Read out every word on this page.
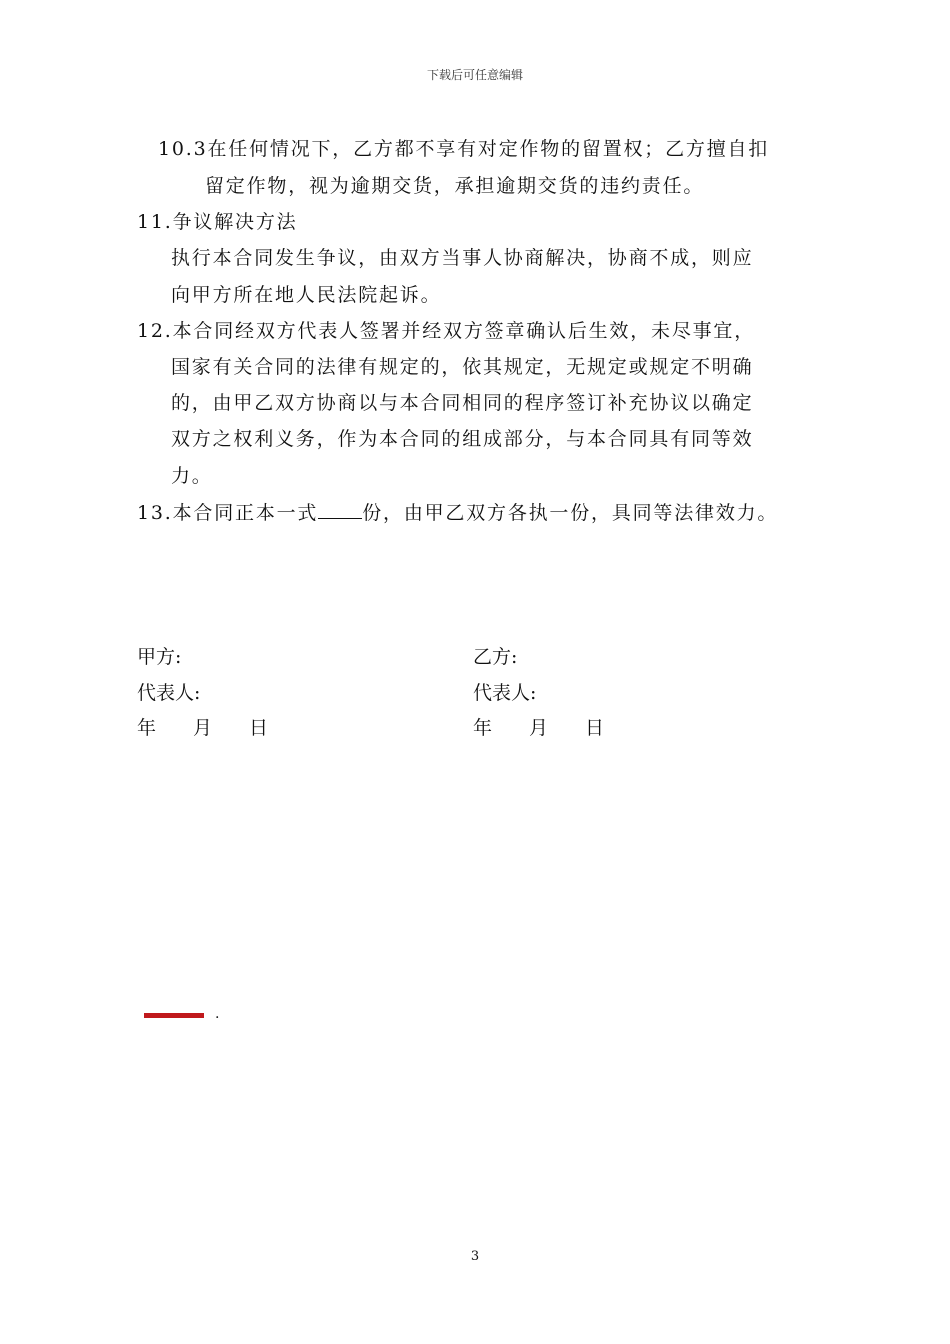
下载后可任意编辑
10.3在任何情况下，乙方都不享有对定作物的留置权；乙方擅自扣
留定作物，视为逾期交货，承担逾期交货的违约责任。
11.争议解决方法
执行本合同发生争议，由双方当事人协商解决，协商不成，则应
向甲方所在地人民法院起诉。
12.本合同经双方代表人签署并经双方签章确认后生效，未尽事宜，
国家有关合同的法律有规定的，依其规定，无规定或规定不明确
的，由甲乙双方协商以与本合同相同的程序签订补充协议以确定
双方之权利义务，作为本合同的组成部分，与本合同具有同等效
力。
13.本合同正本一式 份，由甲乙双方各执一份，具同等法律效力。
甲方:	乙方:
代表人:	代表人:
年 月 日	年 月 日
.
3
